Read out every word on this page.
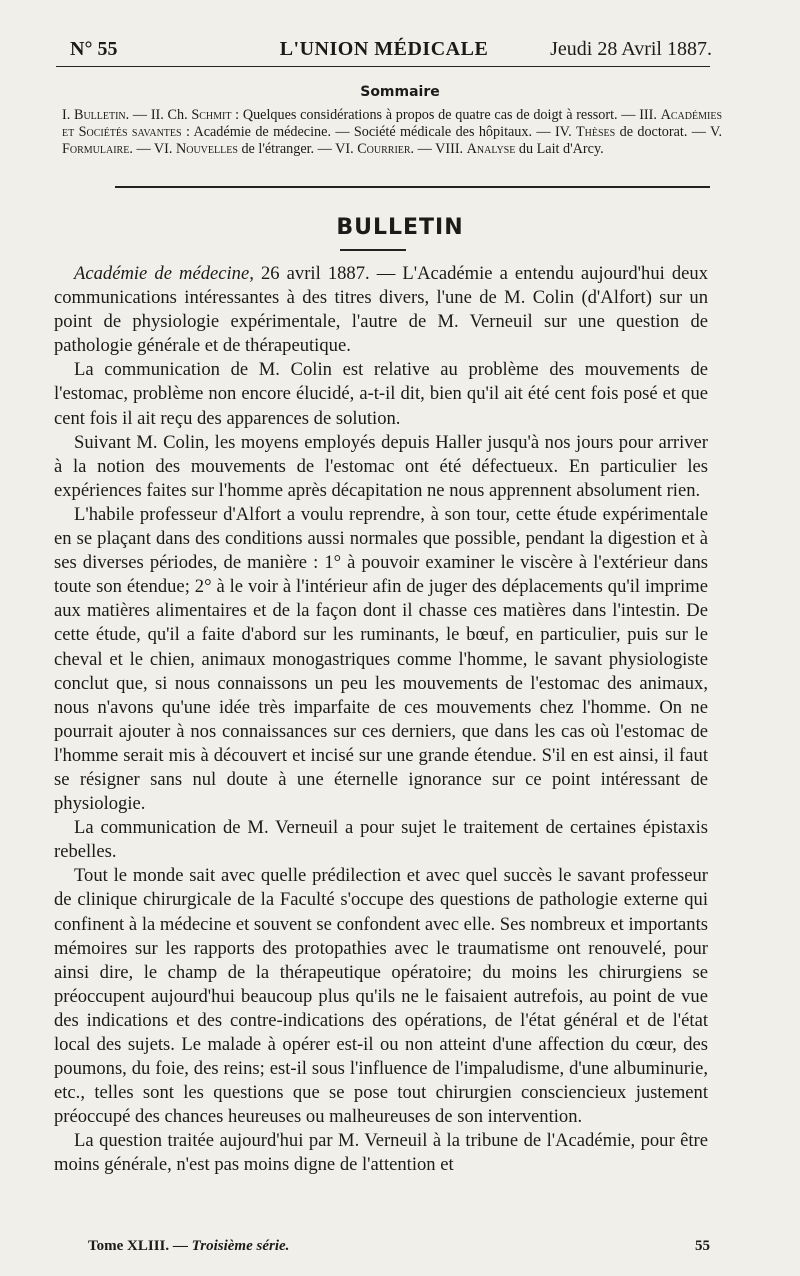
N° 55	L'UNION MÉDICALE	Jeudi 28 Avril 1887.
Sommaire
I. Bulletin. — II. Ch. Schmit : Quelques considérations à propos de quatre cas de doigt à ressort. — III. Académies et Sociétés savantes : Académie de médecine. — Société médicale des hôpitaux. — IV. Thèses de doctorat. — V. Formulaire. — VI. Nouvelles de l'étranger. — VI. Courrier. — VIII. Analyse du Lait d'Arcy.
BULLETIN

Académie de médecine, 26 avril 1887. — L'Académie a entendu aujourd'hui deux communications intéressantes à des titres divers, l'une de M. Colin (d'Alfort) sur un point de physiologie expérimentale, l'autre de M. Verneuil sur une question de pathologie générale et de thérapeutique.

La communication de M. Colin est relative au problème des mouvements de l'estomac, problème non encore élucidé, a-t-il dit, bien qu'il ait été cent fois posé et que cent fois il ait reçu des apparences de solution.

Suivant M. Colin, les moyens employés depuis Haller jusqu'à nos jours pour arriver à la notion des mouvements de l'estomac ont été défectueux. En particulier les expériences faites sur l'homme après décapitation ne nous apprennent absolument rien.

L'habile professeur d'Alfort a voulu reprendre, à son tour, cette étude expérimentale en se plaçant dans des conditions aussi normales que possible, pendant la digestion et à ses diverses périodes, de manière : 1° à pouvoir examiner le viscère à l'extérieur dans toute son étendue; 2° à le voir à l'intérieur afin de juger des déplacements qu'il imprime aux matières alimentaires et de la façon dont il chasse ces matières dans l'intestin. De cette étude, qu'il a faite d'abord sur les ruminants, le bœuf, en particulier, puis sur le cheval et le chien, animaux monogastriques comme l'homme, le savant physiologiste conclut que, si nous connaissons un peu les mouvements de l'estomac des animaux, nous n'avons qu'une idée très imparfaite de ces mouvements chez l'homme. On ne pourrait ajouter à nos connaissances sur ces derniers, que dans les cas où l'estomac de l'homme serait mis à découvert et incisé sur une grande étendue. S'il en est ainsi, il faut se résigner sans nul doute à une éternelle ignorance sur ce point intéressant de physiologie.

La communication de M. Verneuil a pour sujet le traitement de certaines épistaxis rebelles.

Tout le monde sait avec quelle prédilection et avec quel succès le savant professeur de clinique chirurgicale de la Faculté s'occupe des questions de pathologie externe qui confinent à la médecine et souvent se confondent avec elle. Ses nombreux et importants mémoires sur les rapports des protopathies avec le traumatisme ont renouvelé, pour ainsi dire, le champ de la thérapeutique opératoire; du moins les chirurgiens se préoccupent aujourd'hui beaucoup plus qu'ils ne le faisaient autrefois, au point de vue des indications et des contre-indications des opérations, de l'état général et de l'état local des sujets. Le malade à opérer est-il ou non atteint d'une affection du cœur, des poumons, du foie, des reins; est-il sous l'influence de l'impaludisme, d'une albuminurie, etc., telles sont les questions que se pose tout chirurgien consciencieux justement préoccupé des chances heureuses ou malheureuses de son intervention.

La question traitée aujourd'hui par M. Verneuil à la tribune de l'Académie, pour être moins générale, n'est pas moins digne de l'attention et

Tome XLIII. — Troisième série.	55
